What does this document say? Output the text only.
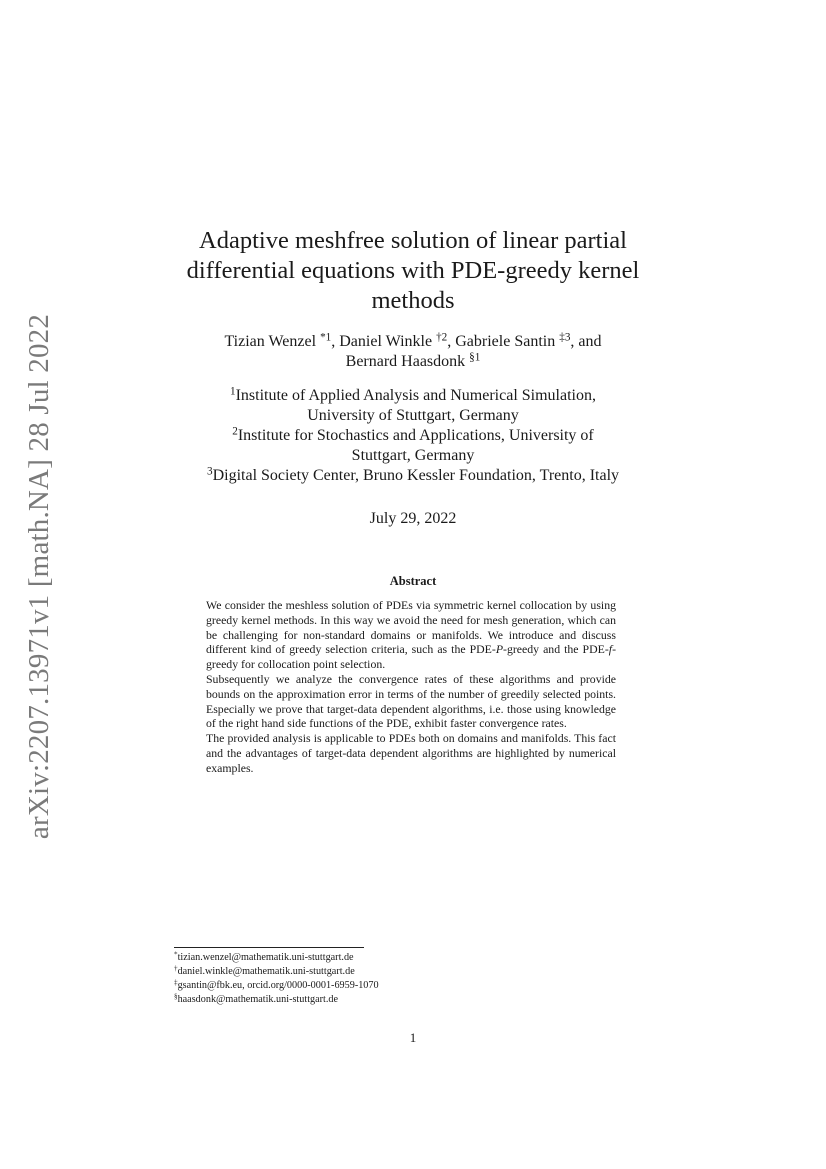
arXiv:2207.13971v1 [math.NA] 28 Jul 2022
Adaptive meshfree solution of linear partial
differential equations with PDE-greedy kernel
methods
Tizian Wenzel $^{*1}$, Daniel Winkle $^{\dagger 2}$, Gabriele Santin $^{\ddagger 3}$, and
Bernard Haasdonk $^{\S 1}$
$^1$Institute of Applied Analysis and Numerical Simulation,
University of Stuttgart, Germany
$^2$Institute for Stochastics and Applications, University of
Stuttgart, Germany
$^3$Digital Society Center, Bruno Kessler Foundation, Trento, Italy
July 29, 2022
Abstract

We consider the meshless solution of PDEs via symmetric kernel collocation by using greedy kernel methods. In this way we avoid the need for mesh generation, which can be challenging for non-standard domains or manifolds. We introduce and discuss different kind of greedy selection criteria, such as the PDE-P-greedy and the PDE-f-greedy for collocation point selection.

Subsequently we analyze the convergence rates of these algorithms and provide bounds on the approximation error in terms of the number of greedily selected points. Especially we prove that target-data dependent algorithms, i.e. those using knowledge of the right hand side functions of the PDE, exhibit faster convergence rates.

The provided analysis is applicable to PDEs both on domains and manifolds. This fact and the advantages of target-data dependent algorithms are highlighted by numerical examples.

*tizian.wenzel@mathematik.uni-stuttgart.de
†daniel.winkle@mathematik.uni-stuttgart.de
‡gsantin@fbk.eu, orcid.org/0000-0001-6959-1070
§haasdonk@mathematik.uni-stuttgart.de
1
